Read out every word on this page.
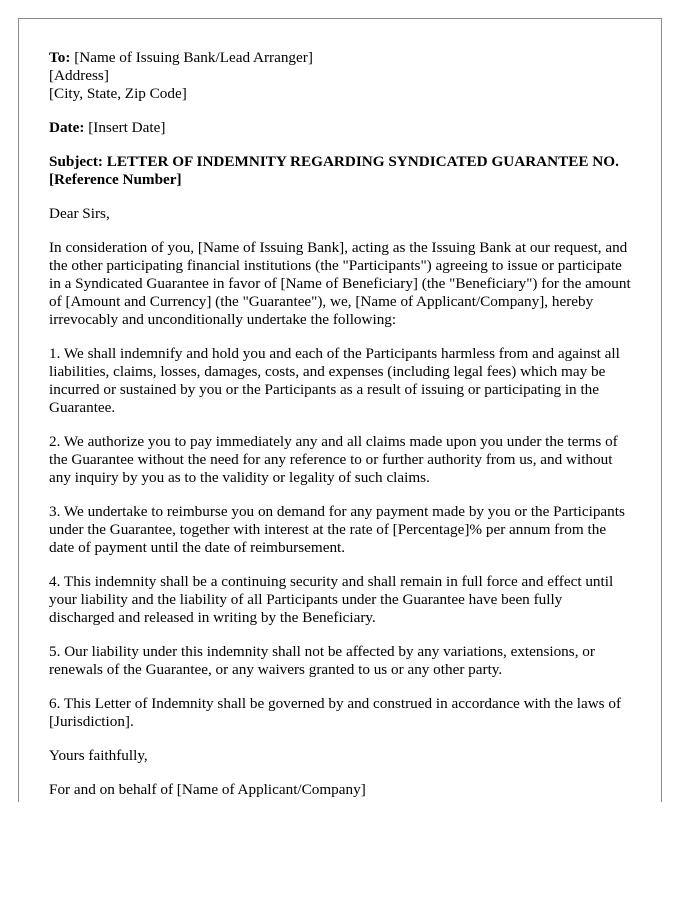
To: [Name of Issuing Bank/Lead Arranger]
[Address]
[City, State, Zip Code]

Date: [Insert Date]

Subject: LETTER OF INDEMNITY REGARDING SYNDICATED GUARANTEE NO. [Reference Number]

Dear Sirs,

In consideration of you, [Name of Issuing Bank], acting as the Issuing Bank at our request, and the other participating financial institutions (the "Participants") agreeing to issue or participate in a Syndicated Guarantee in favor of [Name of Beneficiary] (the "Beneficiary") for the amount of [Amount and Currency] (the "Guarantee"), we, [Name of Applicant/Company], hereby irrevocably and unconditionally undertake the following:

1. We shall indemnify and hold you and each of the Participants harmless from and against all liabilities, claims, losses, damages, costs, and expenses (including legal fees) which may be incurred or sustained by you or the Participants as a result of issuing or participating in the Guarantee.

2. We authorize you to pay immediately any and all claims made upon you under the terms of the Guarantee without the need for any reference to or further authority from us, and without any inquiry by you as to the validity or legality of such claims.

3. We undertake to reimburse you on demand for any payment made by you or the Participants under the Guarantee, together with interest at the rate of [Percentage]% per annum from the date of payment until the date of reimbursement.

4. This indemnity shall be a continuing security and shall remain in full force and effect until your liability and the liability of all Participants under the Guarantee have been fully discharged and released in writing by the Beneficiary.

5. Our liability under this indemnity shall not be affected by any variations, extensions, or renewals of the Guarantee, or any waivers granted to us or any other party.

6. This Letter of Indemnity shall be governed by and construed in accordance with the laws of [Jurisdiction].

Yours faithfully,

For and on behalf of [Name of Applicant/Company]
